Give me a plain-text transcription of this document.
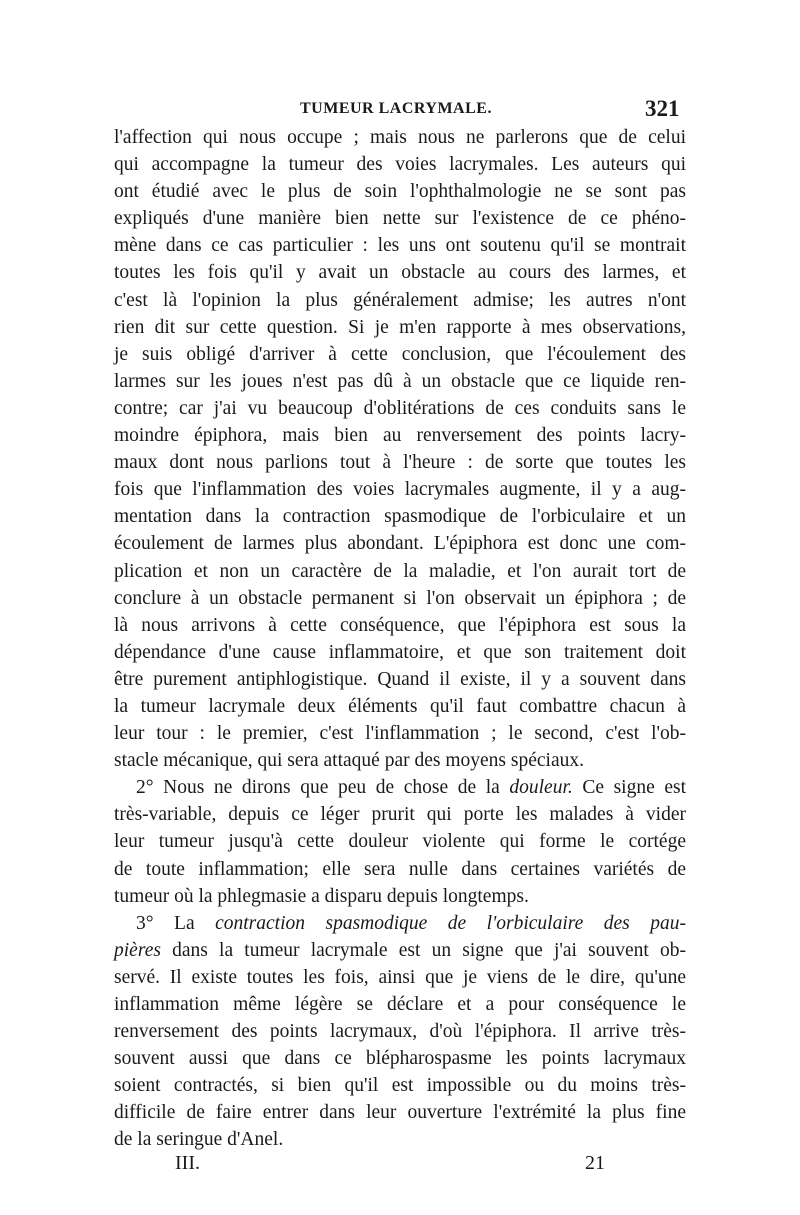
TUMEUR LACRYMALE.	321
l'affection qui nous occupe ; mais nous ne parlerons que de celui
qui accompagne la tumeur des voies lacrymales. Les auteurs qui
ont étudié avec le plus de soin l'ophthalmologie ne se sont pas
expliqués d'une manière bien nette sur l'existence de ce phéno-
mène dans ce cas particulier : les uns ont soutenu qu'il se montrait
toutes les fois qu'il y avait un obstacle au cours des larmes, et
c'est là l'opinion la plus généralement admise; les autres n'ont
rien dit sur cette question. Si je m'en rapporte à mes observations,
je suis obligé d'arriver à cette conclusion, que l'écoulement des
larmes sur les joues n'est pas dû à un obstacle que ce liquide ren-
contre; car j'ai vu beaucoup d'oblitérations de ces conduits sans le
moindre épiphora, mais bien au renversement des points lacry-
maux dont nous parlions tout à l'heure : de sorte que toutes les
fois que l'inflammation des voies lacrymales augmente, il y a aug-
mentation dans la contraction spasmodique de l'orbiculaire et un
écoulement de larmes plus abondant. L'épiphora est donc une com-
plication et non un caractère de la maladie, et l'on aurait tort de
conclure à un obstacle permanent si l'on observait un épiphora ; de
là nous arrivons à cette conséquence, que l'épiphora est sous la
dépendance d'une cause inflammatoire, et que son traitement doit
être purement antiphlogistique. Quand il existe, il y a souvent dans
la tumeur lacrymale deux éléments qu'il faut combattre chacun à
leur tour : le premier, c'est l'inflammation ; le second, c'est l'ob-
stacle mécanique, qui sera attaqué par des moyens spéciaux.
2° Nous ne dirons que peu de chose de la douleur. Ce signe est
très-variable, depuis ce léger prurit qui porte les malades à vider
leur tumeur jusqu'à cette douleur violente qui forme le cortége
de toute inflammation; elle sera nulle dans certaines variétés de
tumeur où la phlegmasie a disparu depuis longtemps.
3° La contraction spasmodique de l'orbiculaire des pau-
pières dans la tumeur lacrymale est un signe que j'ai souvent ob-
servé. Il existe toutes les fois, ainsi que je viens de le dire, qu'une
inflammation même légère se déclare et a pour conséquence le
renversement des points lacrymaux, d'où l'épiphora. Il arrive très-
souvent aussi que dans ce blépharospasme les points lacrymaux
soient contractés, si bien qu'il est impossible ou du moins très-
difficile de faire entrer dans leur ouverture l'extrémité la plus fine
de la seringue d'Anel.
III.	21
